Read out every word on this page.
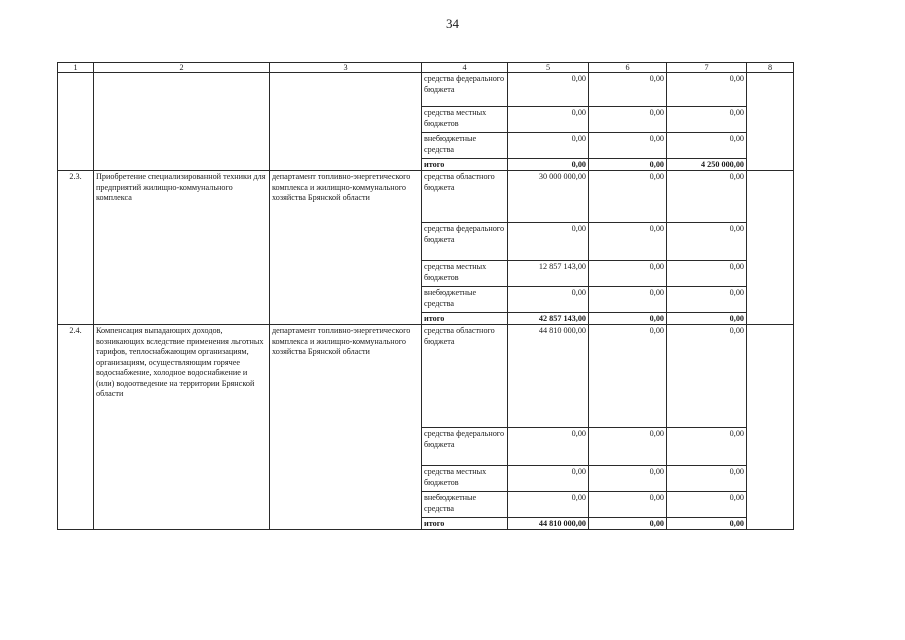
34
1	2	3	4	5	6	7	8
			средства федерального бюджета	0,00	0,00	0,00	
			средства местных бюджетов	0,00	0,00	0,00	
			внебюджетные средства	0,00	0,00	0,00	
			итого	0,00	0,00	4 250 000,00	
2.3.	Приобретение специализированной техники для предприятий жилищно-коммунального комплекса	департамент топливно-энергетического комплекса и жилищно-коммунального хозяйства Брянской области	средства областного бюджета	30 000 000,00	0,00	0,00	
			средства федерального бюджета	0,00	0,00	0,00	
			средства местных бюджетов	12 857 143,00	0,00	0,00	
			внебюджетные средства	0,00	0,00	0,00	
			итого	42 857 143,00	0,00	0,00	
2.4.	Компенсация выпадающих доходов, возникающих вследствие применения льготных тарифов, теплоснабжающим организациям, организациям, осуществляющим горячее водоснабжение, холодное водоснабжение и (или) водоотведение на территории Брянской области	департамент топливно-энергетического комплекса и жилищно-коммунального хозяйства Брянской области	средства областного бюджета	44 810 000,00	0,00	0,00	
			средства федерального бюджета	0,00	0,00	0,00	
			средства местных бюджетов	0,00	0,00	0,00	
			внебюджетные средства	0,00	0,00	0,00	
			итого	44 810 000,00	0,00	0,00	
